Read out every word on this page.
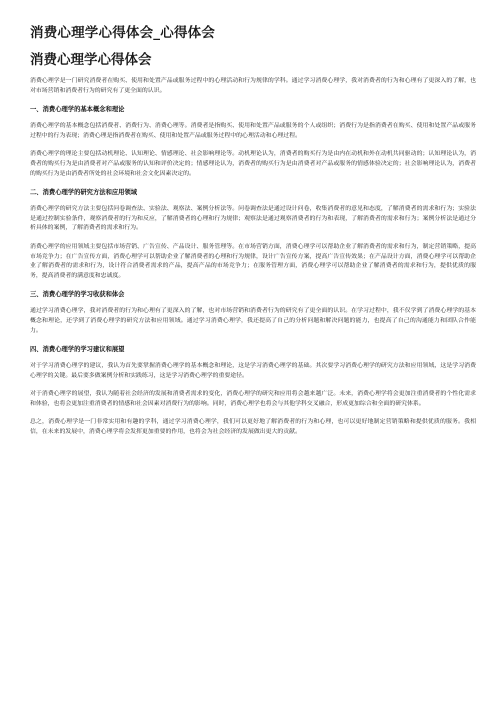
消费心理学心得体会_心得体会
消费心理学心得体会

消费心理学是一门研究消费者在购买、使用和处置产品或服务过程中的心理活动和行为规律的学科。通过学习消费心理学，我对消费者的行为和心理有了更深入的了解，也对市场营销和消费者行为的研究有了更全面的认识。

一、消费心理学的基本概念和理论

消费心理学的基本概念包括消费者、消费行为、消费心理等。消费者是指购买、使用和处置产品或服务的个人或组织；消费行为是指消费者在购买、使用和处置产品或服务过程中的行为表现；消费心理是指消费者在购买、使用和处置产品或服务过程中的心理活动和心理过程。

消费心理学的理论主要包括动机理论、认知理论、情感理论、社会影响理论等。动机理论认为，消费者的购买行为是由内在动机和外在动机共同驱动的；认知理论认为，消费者的购买行为是由消费者对产品或服务的认知和评价决定的；情感理论认为，消费者的购买行为是由消费者对产品或服务的情感体验决定的；社会影响理论认为，消费者的购买行为是由消费者所处的社会环境和社会文化因素决定的。

二、消费心理学的研究方法和应用领域

消费心理学的研究方法主要包括问卷调查法、实验法、观察法、案例分析法等。问卷调查法是通过设计问卷，收集消费者的意见和态度，了解消费者的需求和行为；实验法是通过控制实验条件，观察消费者的行为和反应，了解消费者的心理和行为规律；观察法是通过观察消费者的行为和表现，了解消费者的需求和行为；案例分析法是通过分析具体的案例，了解消费者的需求和行为。

消费心理学的应用领域主要包括市场营销、广告宣传、产品设计、服务管理等。在市场营销方面，消费心理学可以帮助企业了解消费者的需求和行为，制定营销策略，提高市场竞争力；在广告宣传方面，消费心理学可以帮助企业了解消费者的心理和行为规律，设计广告宣传方案，提高广告宣传效果；在产品设计方面，消费心理学可以帮助企业了解消费者的需求和行为，设计符合消费者需求的产品，提高产品的市场竞争力；在服务管理方面，消费心理学可以帮助企业了解消费者的需求和行为，提供优质的服务，提高消费者的满意度和忠诚度。

三、消费心理学的学习收获和体会

通过学习消费心理学，我对消费者的行为和心理有了更深入的了解，也对市场营销和消费者行为的研究有了更全面的认识。在学习过程中，我不仅学到了消费心理学的基本概念和理论，还学到了消费心理学的研究方法和应用领域。通过学习消费心理学，我还提高了自己的分析问题和解决问题的能力，也提高了自己的沟通能力和团队合作能力。

四、消费心理学的学习建议和展望

对于学习消费心理学的建议，我认为首先要掌握消费心理学的基本概念和理论，这是学习消费心理学的基础。其次要学习消费心理学的研究方法和应用领域，这是学习消费心理学的关键。最后要多做案例分析和实践练习，这是学习消费心理学的重要途径。

对于消费心理学的展望，我认为随着社会经济的发展和消费者需求的变化，消费心理学的研究和应用将会越来越广泛。未来，消费心理学将会更加注重消费者的个性化需求和体验，也将会更加注重消费者的情感和社会因素对消费行为的影响。同时，消费心理学也将会与其他学科交叉融合，形成更加综合和全面的研究体系。

总之，消费心理学是一门非常实用和有趣的学科，通过学习消费心理学，我们可以更好地了解消费者的行为和心理，也可以更好地制定营销策略和提供优质的服务。我相信，在未来的发展中，消费心理学将会发挥更加重要的作用，也将会为社会经济的发展做出更大的贡献。
